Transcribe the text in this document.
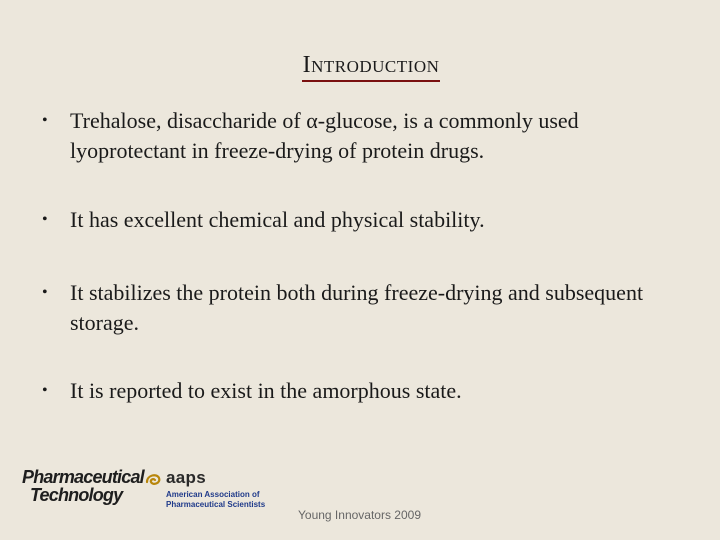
Introduction
• Trehalose, disaccharide of α-glucose, is a commonly used lyoprotectant in freeze-drying of protein drugs.
• It has excellent chemical and physical stability.
• It stabilizes the protein both during freeze-drying and subsequent storage.
• It is reported to exist in the amorphous state.
Pharmaceutical
Technology
aaps
American Association of Pharmaceutical Scientists
Young Innovators 2009
